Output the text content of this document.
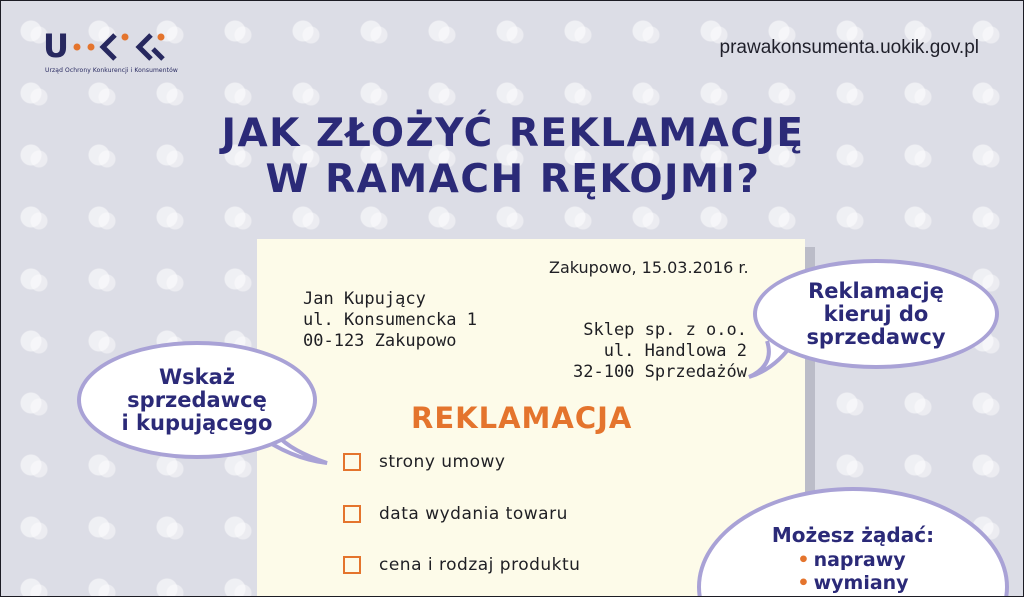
U
Urząd Ochrony Konkurencji i Konsumentów
prawakonsumenta.uokik.gov.pl
JAK ZŁOŻYĆ REKLAMACJĘ
W RAMACH RĘKOJMI?
Zakupowo, 15.03.2016 r.
Jan Kupujący
ul. Konsumencka 1
00-123 Zakupowo
Sklep sp. z o.o.
ul. Handlowa 2
32-100 Sprzedażów
REKLAMACJA
strony umowy
data wydania towaru
cena i rodzaj produktu
Wskaż
sprzedawcę
i kupującego
Reklamację
kieruj do
sprzedawcy
Możesz żądać:
• naprawy
• wymiany
